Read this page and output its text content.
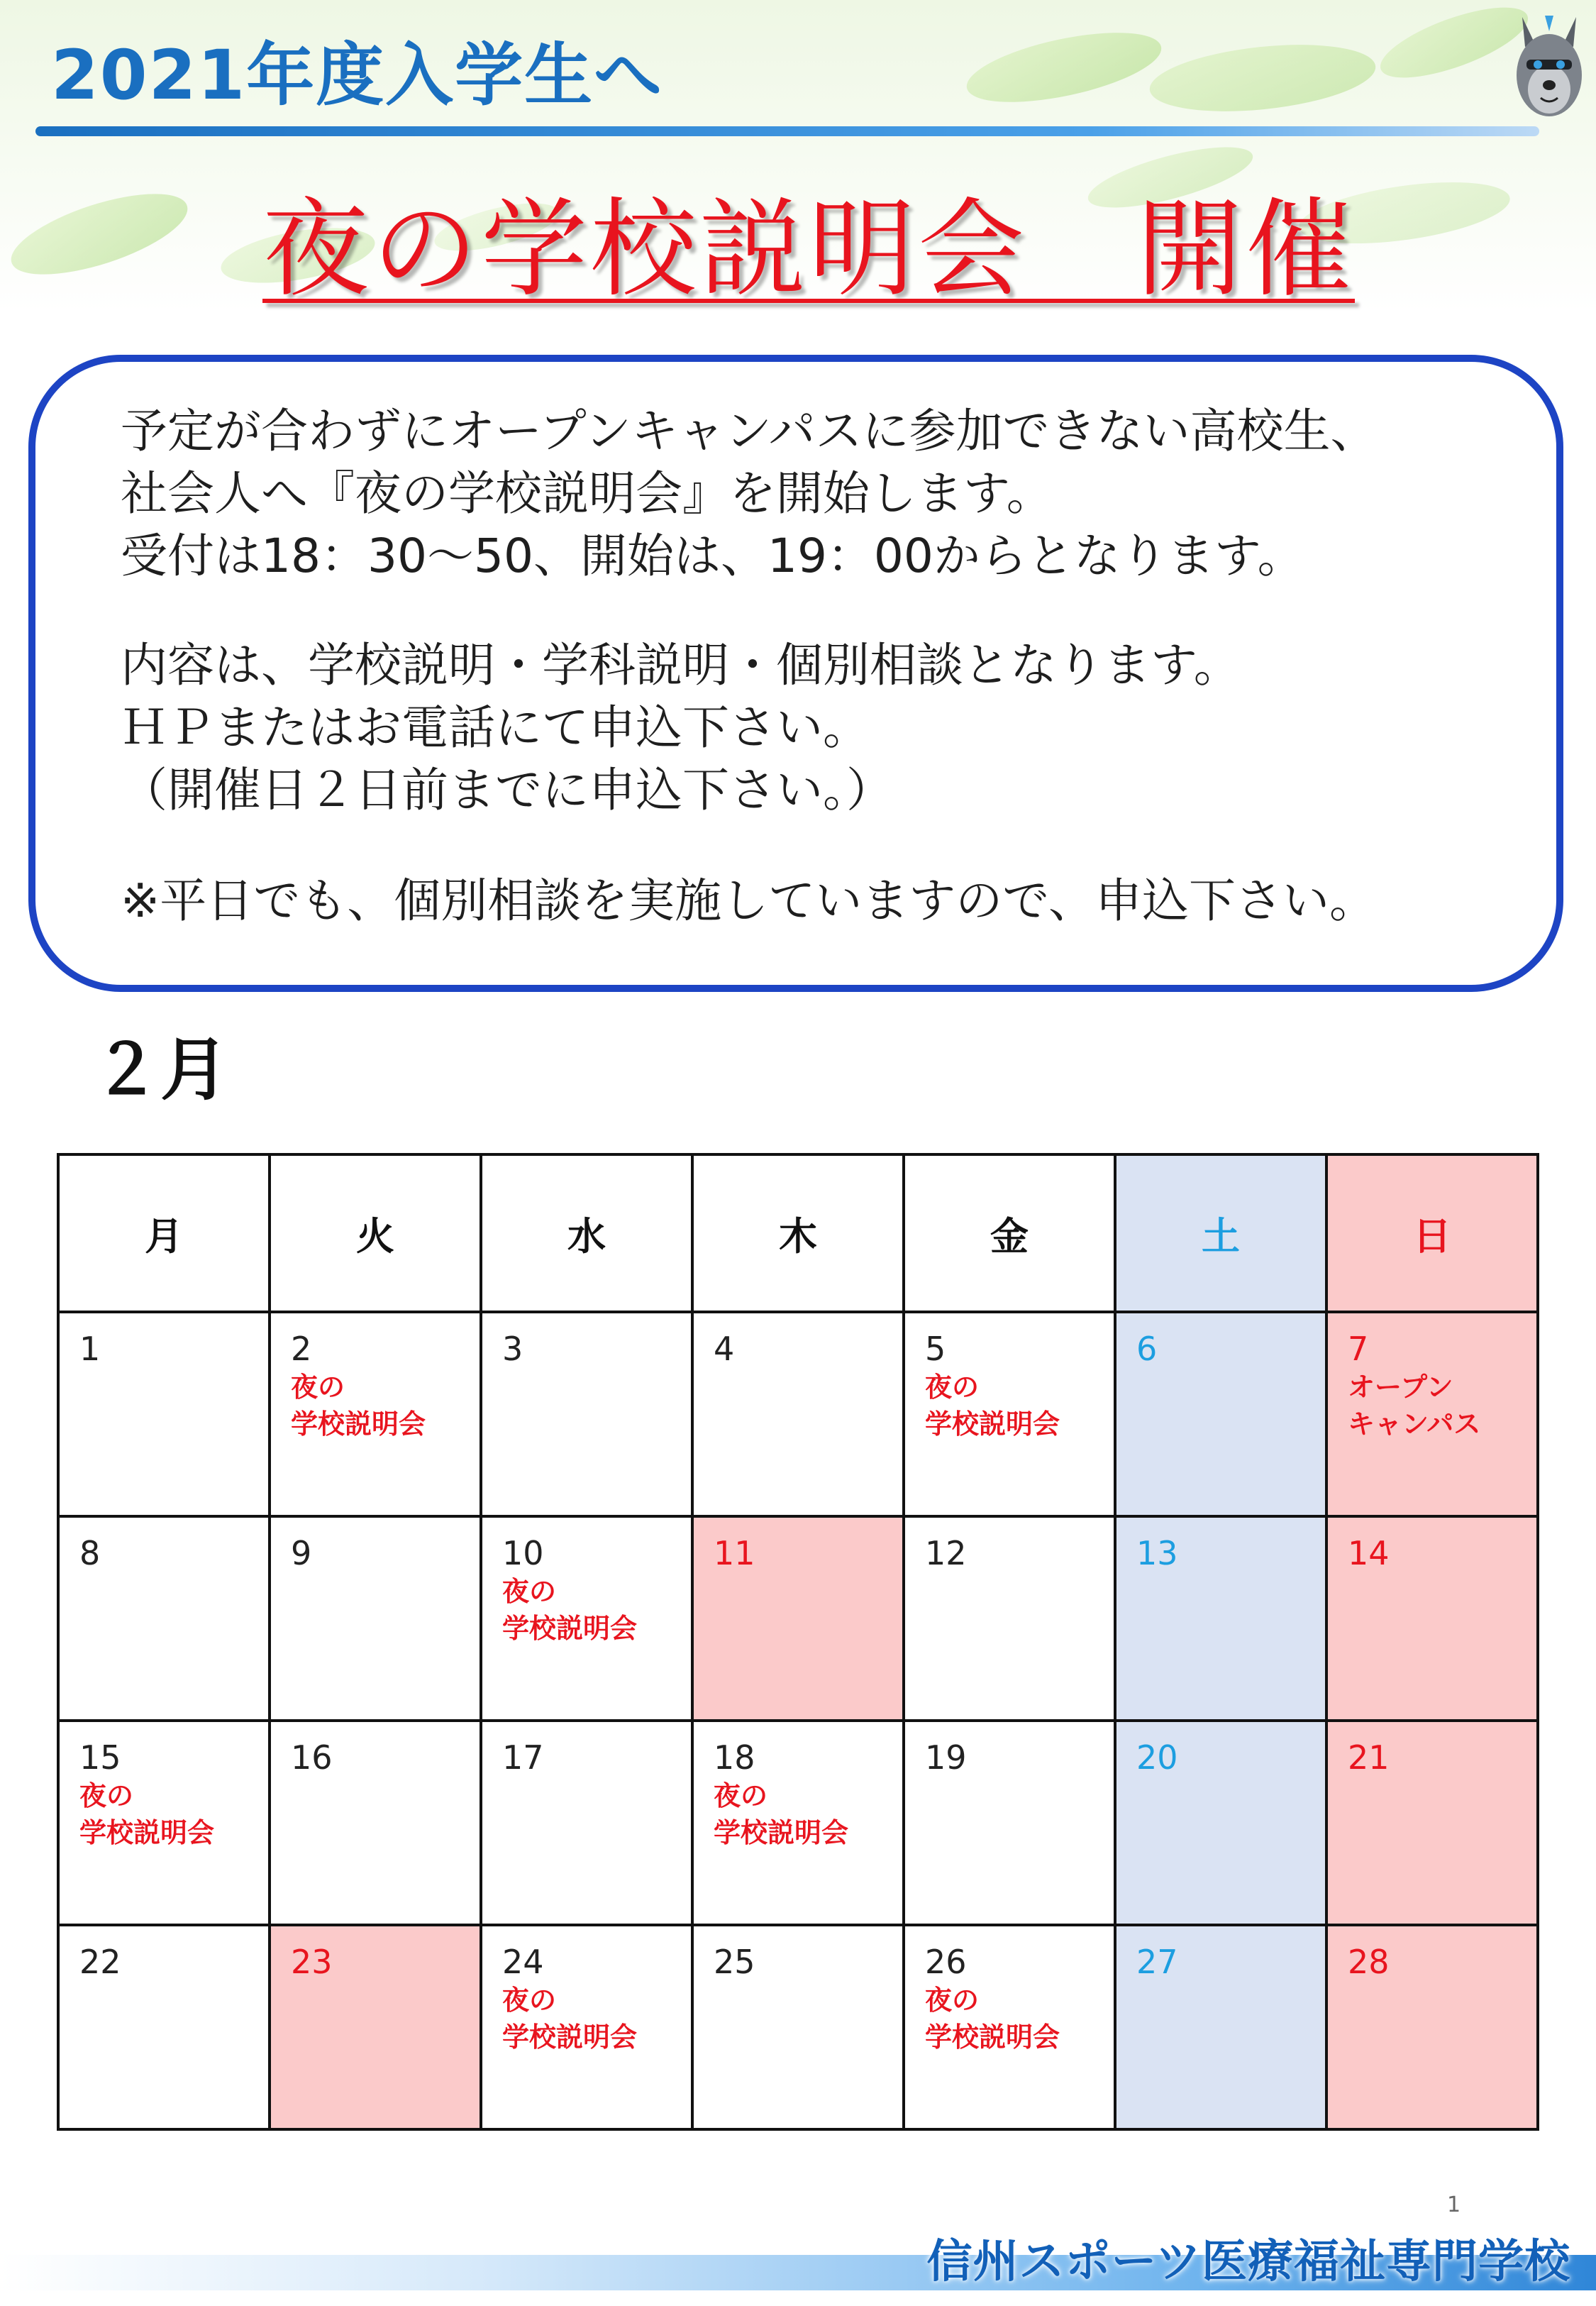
2021年度入学生へ
夜の学校説明会　開催

予定が合わずにオープンキャンパスに参加できない高校生、
社会人へ『夜の学校説明会』を開始します。
受付は18：30～50、開始は、19：00からとなります。

内容は、学校説明・学科説明・個別相談となります。
ＨＰまたはお電話にて申込下さい。
（開催日２日前までに申込下さい。）

※平日でも、個別相談を実施していますので、申込下さい。

２月
月	火	水	木	金	土	日

1	2
夜の
学校説明会	3	4	5
夜の
学校説明会	6	7
オープン
キャンパス

8	9	10
夜の
学校説明会	11	12	13	14

15
夜の
学校説明会	16	17	18
夜の
学校説明会	19	20	21

22	23	24
夜の
学校説明会	25	26
夜の
学校説明会	27	28

1

信州スポーツ医療福祉専門学校
